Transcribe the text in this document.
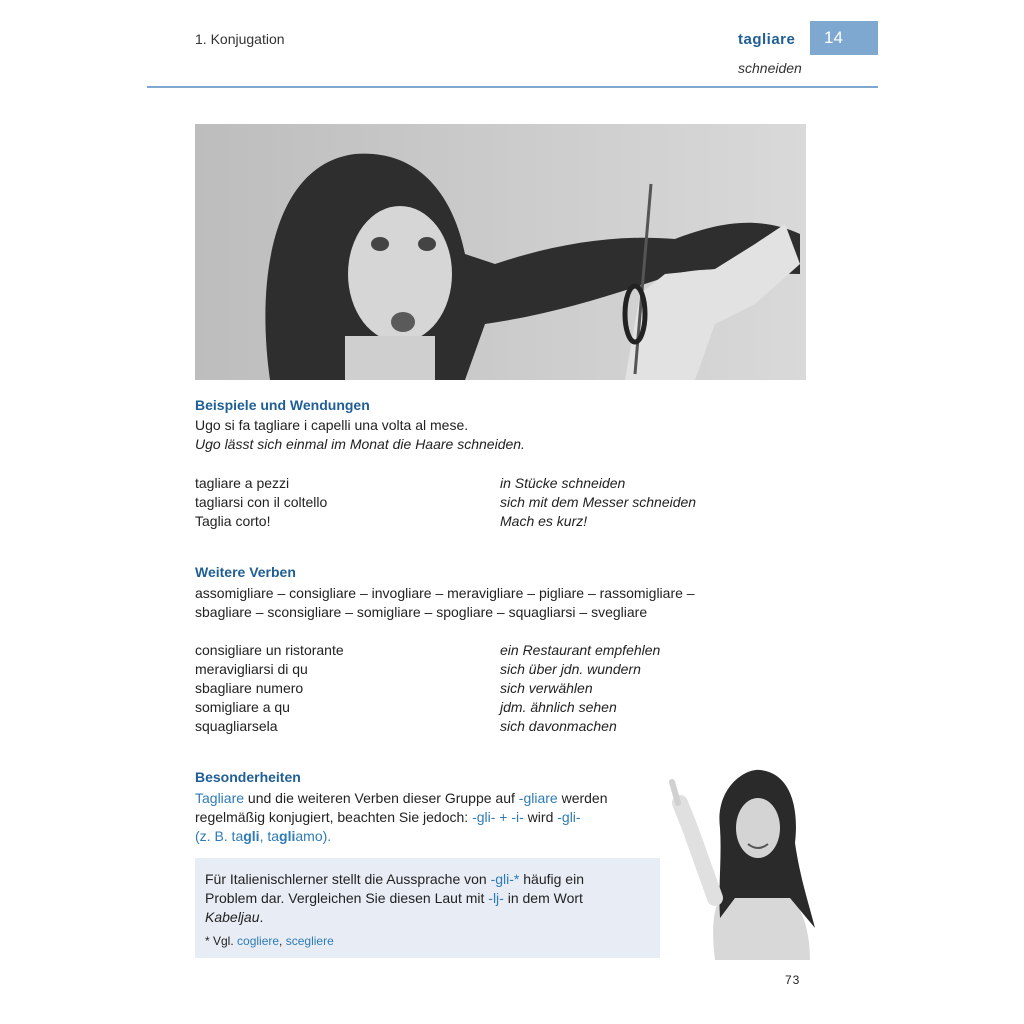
1. Konjugation	tagliare	14
schneiden
Beispiele und Wendungen
Ugo si fa tagliare i capelli una volta al mese.
Ugo lässt sich einmal im Monat die Haare schneiden.
tagliare a pezzi	in Stücke schneiden
tagliarsi con il coltello	sich mit dem Messer schneiden
Taglia corto!	Mach es kurz!
Weitere Verben
assomigliare – consigliare – invogliare – meravigliare – pigliare – rassomigliare –
sbagliare – sconsigliare – somigliare – spogliare – squagliarsi – svegliare
consigliare un ristorante	ein Restaurant empfehlen
meravigliarsi di qu	sich über jdn. wundern
sbagliare numero	sich verwählen
somigliare a qu	jdm. ähnlich sehen
squagliarsela	sich davonmachen
Besonderheiten
Tagliare und die weiteren Verben dieser Gruppe auf -gliare werden
regelmäßig konjugiert, beachten Sie jedoch: -gli- + -i- wird -gli-
(z. B. tagli, tagliamo).
Für Italienischlerner stellt die Aussprache von -gli-* häufig ein
Problem dar. Vergleichen Sie diesen Laut mit -lj- in dem Wort
Kabeljau.
* Vgl. cogliere, scegliere
73
